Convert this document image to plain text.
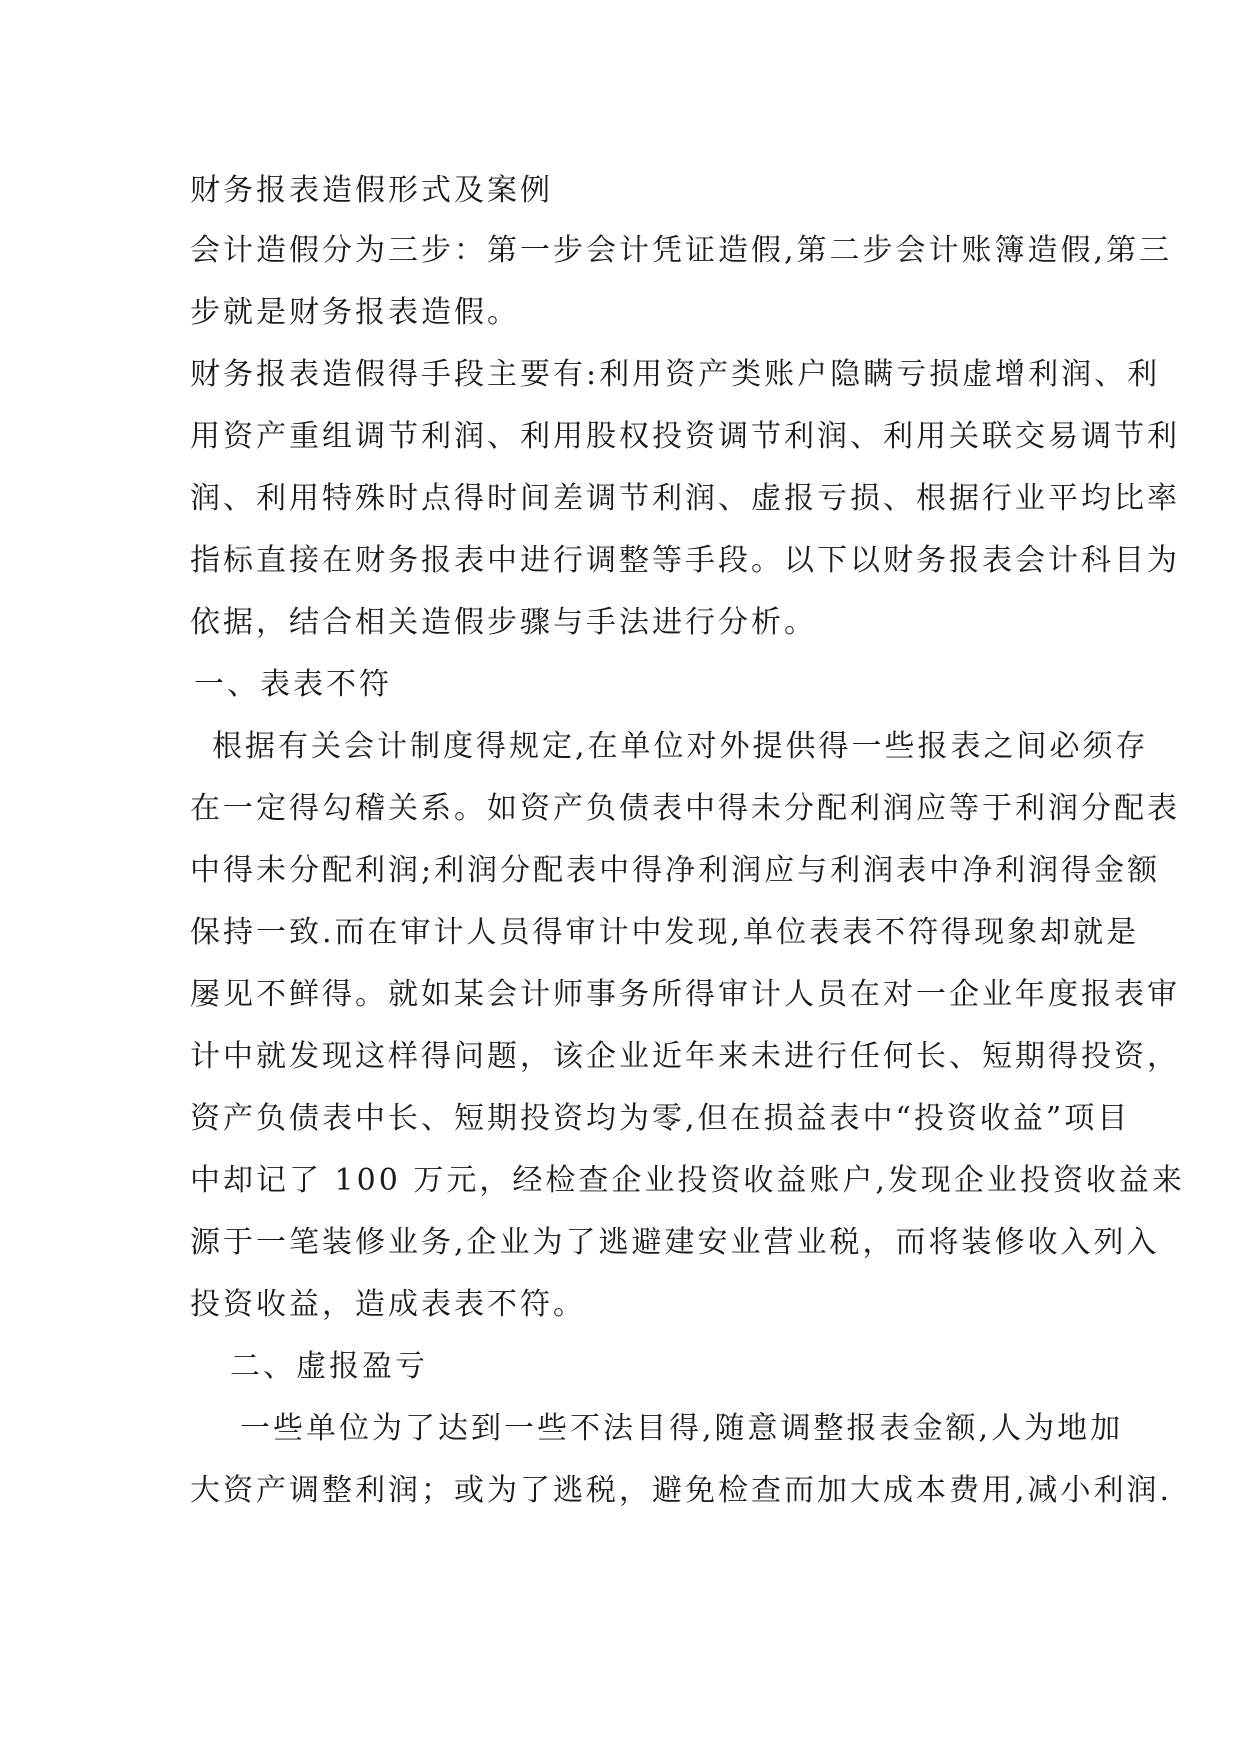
财务报表造假形式及案例

会计造假分为三步：第一步会计凭证造假,第二步会计账簿造假,第三

步就是财务报表造假。

财务报表造假得手段主要有:利用资产类账户隐瞒亏损虚增利润、利

用资产重组调节利润、利用股权投资调节利润、利用关联交易调节利

润、利用特殊时点得时间差调节利润、虚报亏损、根据行业平均比率

指标直接在财务报表中进行调整等手段。以下以财务报表会计科目为

依据，结合相关造假步骤与手法进行分析。

一、表表不符

根据有关会计制度得规定,在单位对外提供得一些报表之间必须存

在一定得勾稽关系。如资产负债表中得未分配利润应等于利润分配表

中得未分配利润;利润分配表中得净利润应与利润表中净利润得金额

保持一致.而在审计人员得审计中发现,单位表表不符得现象却就是

屡见不鲜得。就如某会计师事务所得审计人员在对一企业年度报表审

计中就发现这样得问题，该企业近年来未进行任何长、短期得投资，

资产负债表中长、短期投资均为零,但在损益表中“投资收益”项目

中却记了 100 万元，经检查企业投资收益账户,发现企业投资收益来

源于一笔装修业务,企业为了逃避建安业营业税，而将装修收入列入

投资收益，造成表表不符。

二、虚报盈亏

一些单位为了达到一些不法目得,随意调整报表金额,人为地加

大资产调整利润；或为了逃税，避免检查而加大成本费用,减小利润.
